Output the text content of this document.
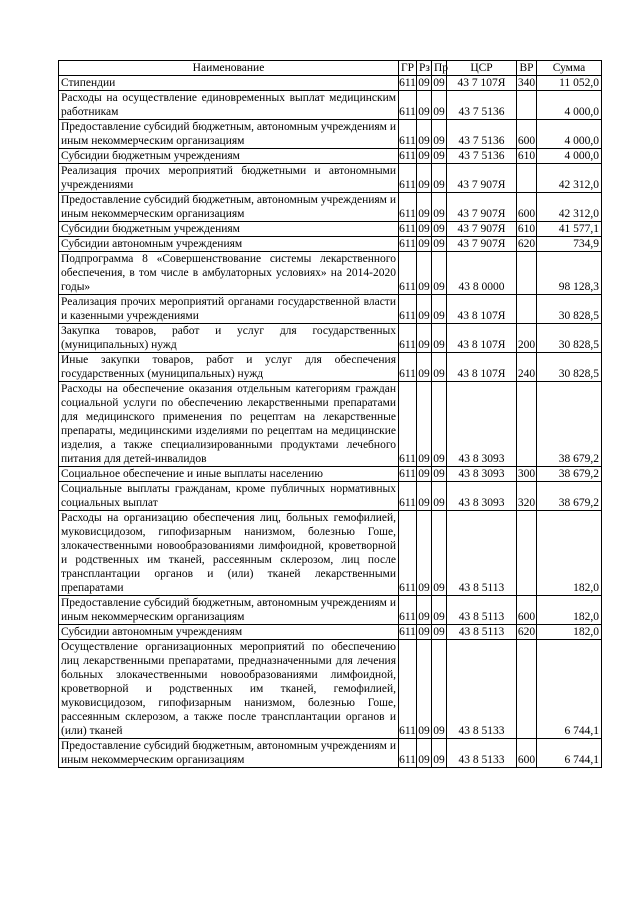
Наименование	ГР	Рз	Пр	ЦСР	ВР	Сумма
Стипендии	611	09	09	43 7 107Я	340	11 052,0
Расходы на осуществление единовременных выплат медицинским работникам	611	09	09	43 7 5136		4 000,0
Предоставление субсидий бюджетным, автономным учреждениям и иным некоммерческим организациям	611	09	09	43 7 5136	600	4 000,0
Субсидии бюджетным учреждениям	611	09	09	43 7 5136	610	4 000,0
Реализация прочих мероприятий бюджетными и автономными учреждениями	611	09	09	43 7 907Я		42 312,0
Предоставление субсидий бюджетным, автономным учреждениям и иным некоммерческим организациям	611	09	09	43 7 907Я	600	42 312,0
Субсидии бюджетным учреждениям	611	09	09	43 7 907Я	610	41 577,1
Субсидии автономным учреждениям	611	09	09	43 7 907Я	620	734,9
Подпрограмма 8 «Совершенствование системы лекарственного обеспечения, в том числе в амбулаторных условиях» на 2014-2020 годы»	611	09	09	43 8 0000		98 128,3
Реализация прочих мероприятий органами государственной власти и казенными учреждениями	611	09	09	43 8 107Я		30 828,5
Закупка товаров, работ и услуг для государственных (муниципальных) нужд	611	09	09	43 8 107Я	200	30 828,5
Иные закупки товаров, работ и услуг для обеспечения государственных (муниципальных) нужд	611	09	09	43 8 107Я	240	30 828,5
Расходы на обеспечение оказания отдельным категориям граждан социальной услуги по обеспечению лекарственными препаратами для медицинского применения по рецептам на лекарственные препараты, медицинскими изделиями по рецептам на медицинские изделия, а также специализированными продуктами лечебного питания для детей-инвалидов	611	09	09	43 8 3093		38 679,2
Социальное обеспечение и иные выплаты населению	611	09	09	43 8 3093	300	38 679,2
Социальные выплаты гражданам, кроме публичных нормативных социальных выплат	611	09	09	43 8 3093	320	38 679,2
Расходы на организацию обеспечения лиц, больных гемофилией, муковисцидозом, гипофизарным нанизмом, болезнью Гоше, злокачественными новообразованиями лимфоидной, кроветворной и родственных им тканей, рассеянным склерозом, лиц после трансплантации органов и (или) тканей лекарственными препаратами	611	09	09	43 8 5113		182,0
Предоставление субсидий бюджетным, автономным учреждениям и иным некоммерческим организациям	611	09	09	43 8 5113	600	182,0
Субсидии автономным учреждениям	611	09	09	43 8 5113	620	182,0
Осуществление организационных мероприятий по обеспечению лиц лекарственными препаратами, предназначенными для лечения больных злокачественными новообразованиями лимфоидной, кроветворной и родственных им тканей, гемофилией, муковисцидозом, гипофизарным нанизмом, болезнью Гоше, рассеянным склерозом, а также после трансплантации органов и (или) тканей	611	09	09	43 8 5133		6 744,1
Предоставление субсидий бюджетным, автономным учреждениям и иным некоммерческим организациям	611	09	09	43 8 5133	600	6 744,1
